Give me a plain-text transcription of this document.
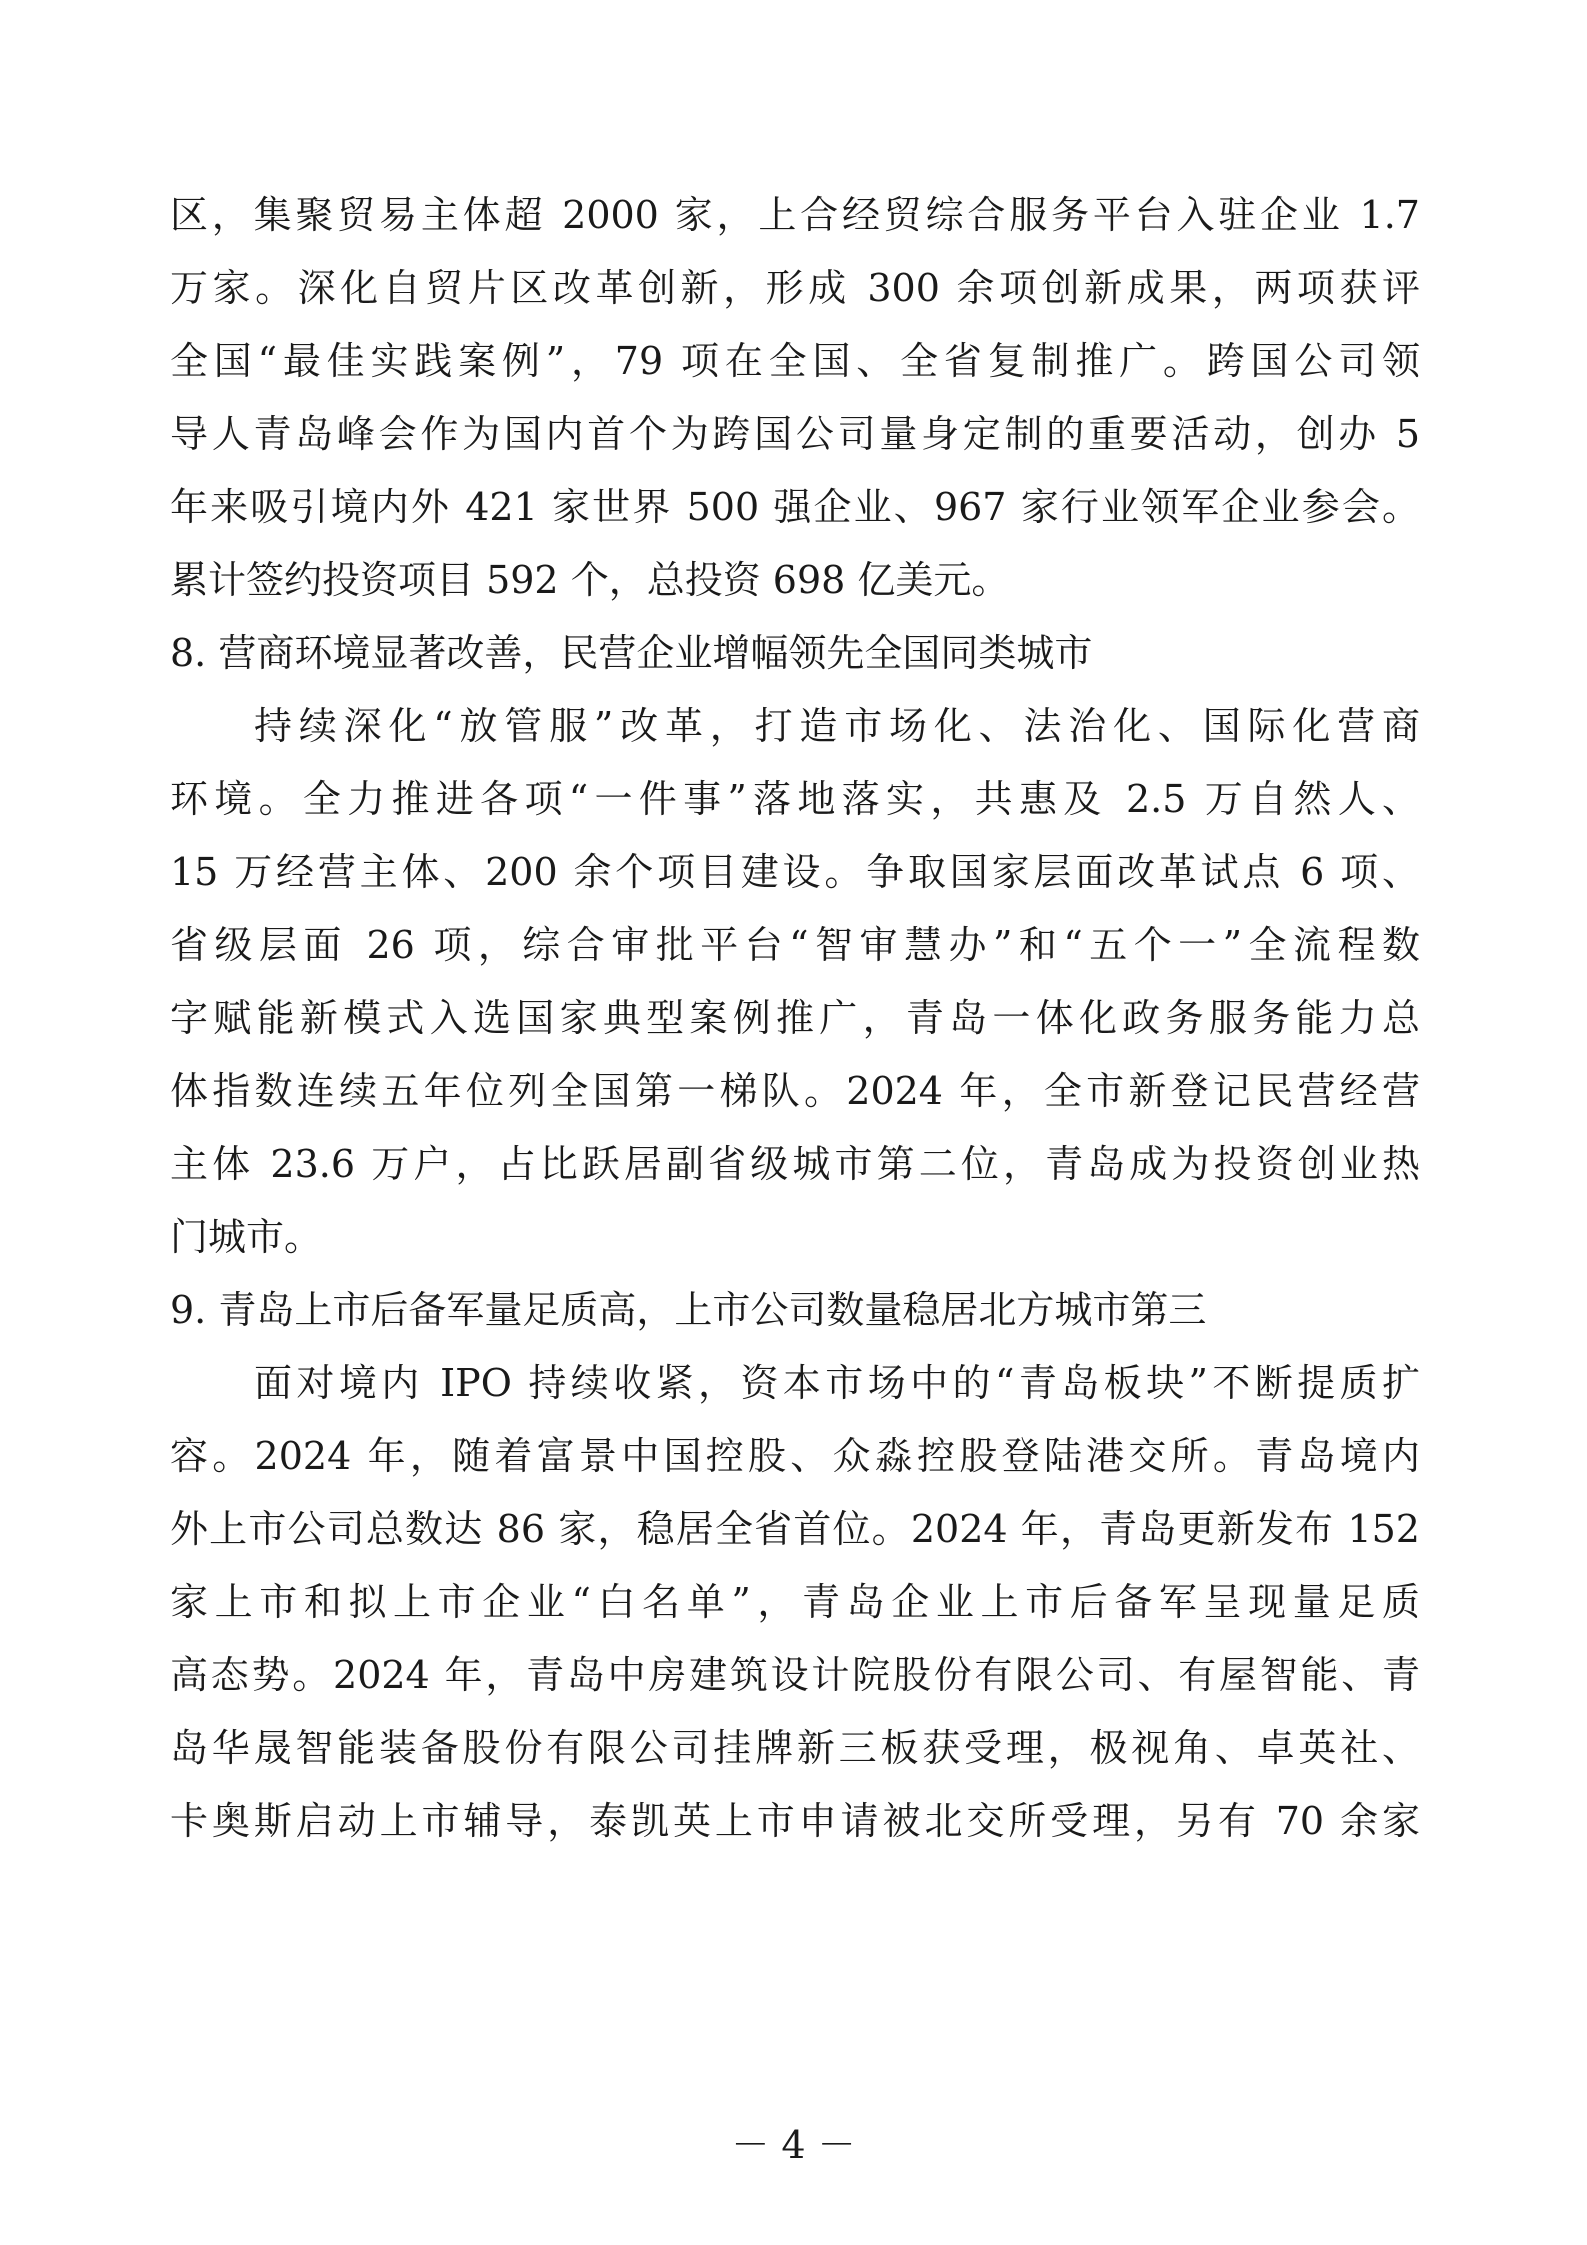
区，集聚贸易主体超 2000 家，上合经贸综合服务平台入驻企业 1.7
万家。深化自贸片区改革创新，形成 300 余项创新成果，两项获评
全国“最佳实践案例”，79 项在全国、全省复制推广。跨国公司领
导人青岛峰会作为国内首个为跨国公司量身定制的重要活动，创办 5
年来吸引境内外 421 家世界 500 强企业、967 家行业领军企业参会。
累计签约投资项目 592 个，总投资 698 亿美元。
8. 营商环境显著改善，民营企业增幅领先全国同类城市
持续深化“放管服”改革，打造市场化、法治化、国际化营商
环境。全力推进各项“一件事”落地落实，共惠及 2.5 万自然人、
15 万经营主体、200 余个项目建设。争取国家层面改革试点 6 项、
省级层面 26 项，综合审批平台“智审慧办”和“五个一”全流程数
字赋能新模式入选国家典型案例推广，青岛一体化政务服务能力总
体指数连续五年位列全国第一梯队。2024 年，全市新登记民营经营
主体 23.6 万户，占比跃居副省级城市第二位，青岛成为投资创业热
门城市。
9. 青岛上市后备军量足质高，上市公司数量稳居北方城市第三
面对境内 IPO 持续收紧，资本市场中的“青岛板块”不断提质扩
容。2024 年，随着富景中国控股、众淼控股登陆港交所。青岛境内
外上市公司总数达 86 家，稳居全省首位。2024 年，青岛更新发布 152
家上市和拟上市企业“白名单”，青岛企业上市后备军呈现量足质
高态势。2024 年，青岛中房建筑设计院股份有限公司、有屋智能、青
岛华晟智能装备股份有限公司挂牌新三板获受理，极视角、卓英社、
卡奥斯启动上市辅导，泰凯英上市申请被北交所受理，另有 70 余家
－ 4 －
